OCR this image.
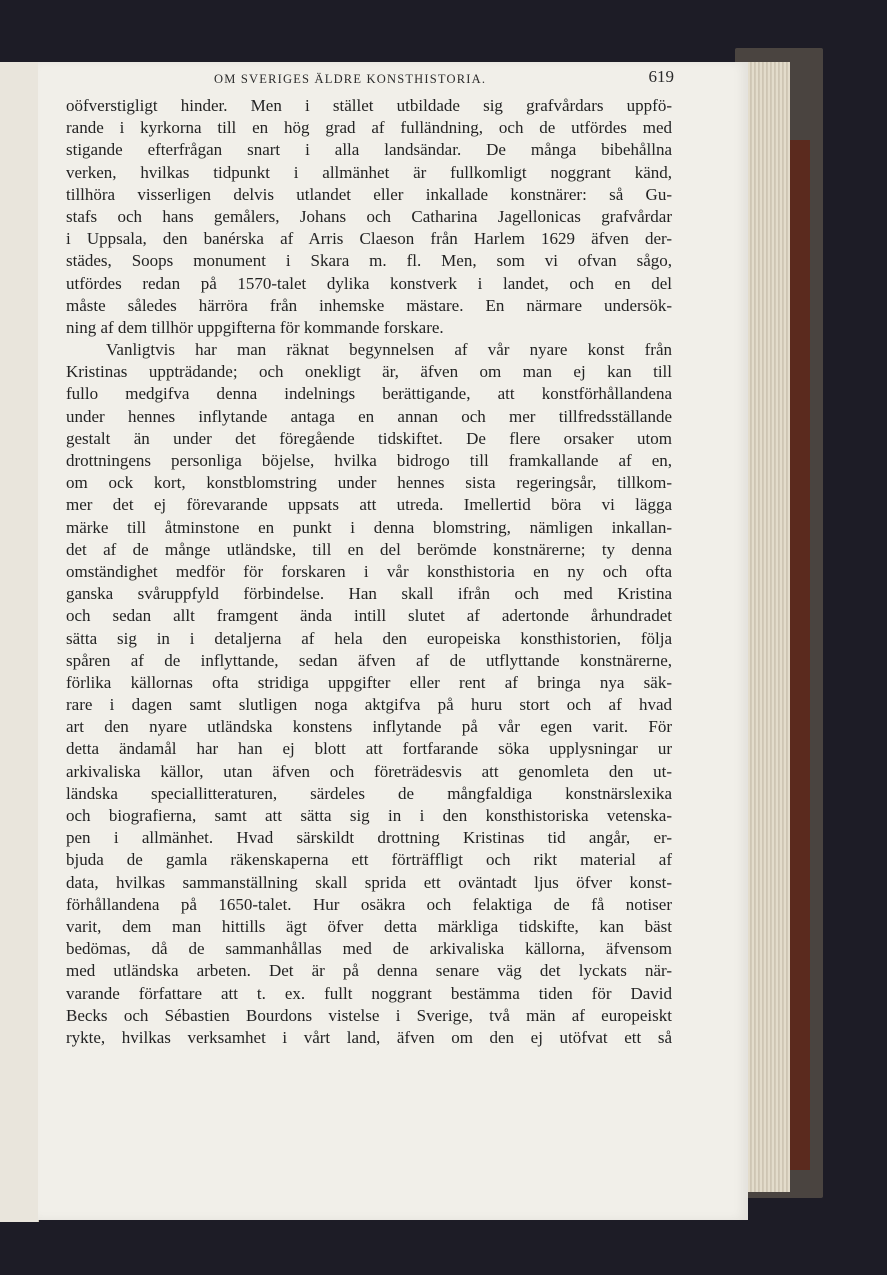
OM SVERIGES ÄLDRE KONSTHISTORIA.	619
oöfverstigligt hinder. Men i stället utbildade sig grafvårdars uppfö-
rande i kyrkorna till en hög grad af fulländning, och de utfördes med
stigande efterfrågan snart i alla landsändar. De många bibehållna
verken, hvilkas tidpunkt i allmänhet är fullkomligt noggrant känd,
tillhöra visserligen delvis utlandet eller inkallade konstnärer: så Gu-
stafs och hans gemålers, Johans och Catharina Jagellonicas grafvårdar
i Uppsala, den banérska af Arris Claeson från Harlem 1629 äfven der-
städes, Soops monument i Skara m. fl. Men, som vi ofvan sågo,
utfördes redan på 1570-talet dylika konstverk i landet, och en del
måste således härröra från inhemske mästare. En närmare undersök-
ning af dem tillhör uppgifterna för kommande forskare.
Vanligtvis har man räknat begynnelsen af vår nyare konst från
Kristinas uppträdande; och onekligt är, äfven om man ej kan till
fullo medgifva denna indelnings berättigande, att konstförhållandena
under hennes inflytande antaga en annan och mer tillfredsställande
gestalt än under det föregående tidskiftet. De flere orsaker utom
drottningens personliga böjelse, hvilka bidrogo till framkallande af en,
om ock kort, konstblomstring under hennes sista regeringsår, tillkom-
mer det ej förevarande uppsats att utreda. Imellertid böra vi lägga
märke till åtminstone en punkt i denna blomstring, nämligen inkallan-
det af de månge utländske, till en del berömde konstnärerne; ty denna
omständighet medför för forskaren i vår konsthistoria en ny och ofta
ganska svåruppfyld förbindelse. Han skall ifrån och med Kristina
och sedan allt framgent ända intill slutet af adertonde århundradet
sätta sig in i detaljerna af hela den europeiska konsthistorien, följa
spåren af de inflyttande, sedan äfven af de utflyttande konstnärerne,
förlika källornas ofta stridiga uppgifter eller rent af bringa nya säk-
rare i dagen samt slutligen noga aktgifva på huru stort och af hvad
art den nyare utländska konstens inflytande på vår egen varit. För
detta ändamål har han ej blott att fortfarande söka upplysningar ur
arkivaliska källor, utan äfven och företrädesvis att genomleta den ut-
ländska speciallitteraturen, särdeles de mångfaldiga konstnärslexika
och biografierna, samt att sätta sig in i den konsthistoriska vetenska-
pen i allmänhet. Hvad särskildt drottning Kristinas tid angår, er-
bjuda de gamla räkenskaperna ett förträffligt och rikt material af
data, hvilkas sammanställning skall sprida ett oväntadt ljus öfver konst-
förhållandena på 1650-talet. Hur osäkra och felaktiga de få notiser
varit, dem man hittills ägt öfver detta märkliga tidskifte, kan bäst
bedömas, då de sammanhållas med de arkivaliska källorna, äfvensom
med utländska arbeten. Det är på denna senare väg det lyckats när-
varande författare att t. ex. fullt noggrant bestämma tiden för David
Becks och Sébastien Bourdons vistelse i Sverige, två män af europeiskt
rykte, hvilkas verksamhet i vårt land, äfven om den ej utöfvat ett så
